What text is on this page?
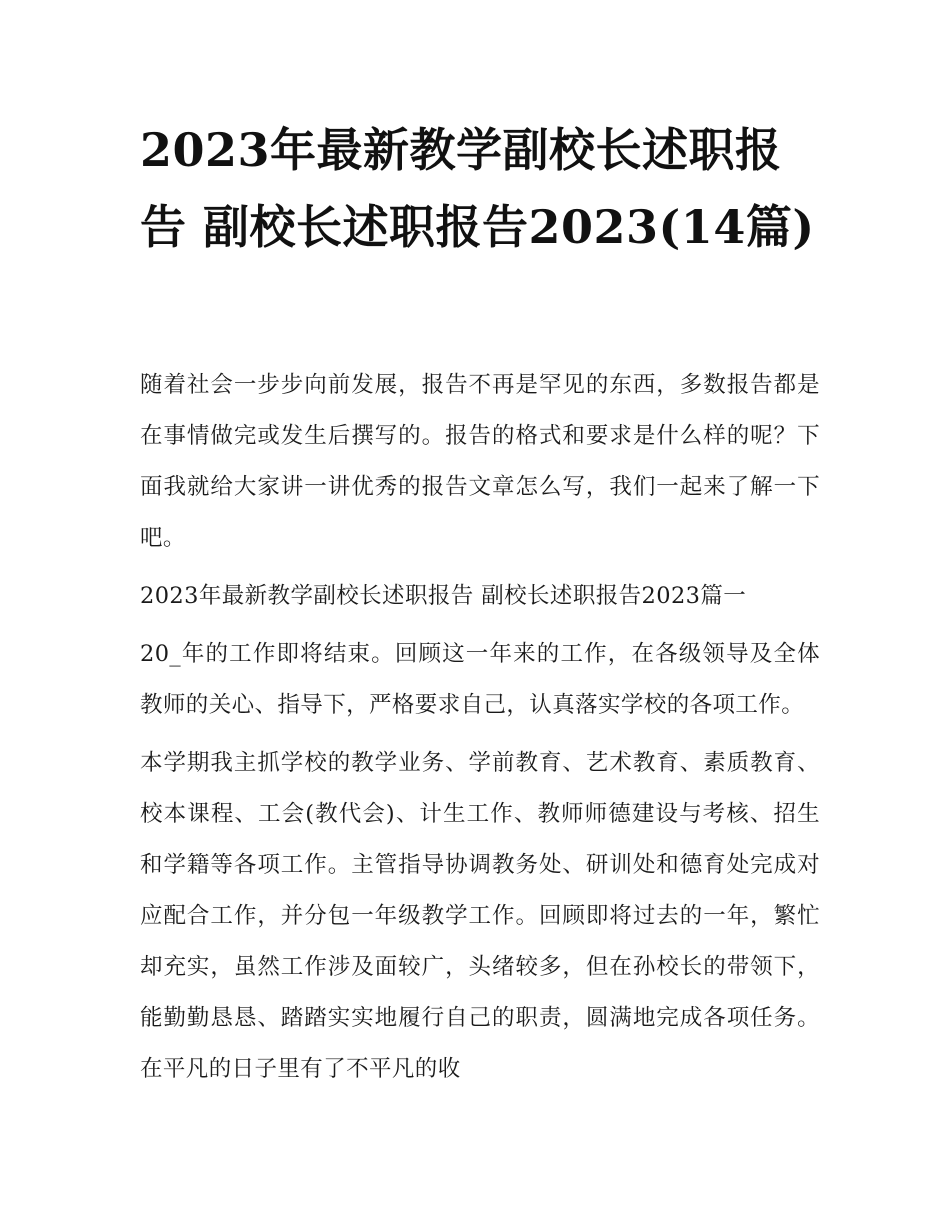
2023年最新教学副校长述职报告 副校长述职报告2023(14篇)

随着社会一步步向前发展，报告不再是罕见的东西，多数报告都是在事情做完或发生后撰写的。报告的格式和要求是什么样的呢？下面我就给大家讲一讲优秀的报告文章怎么写，我们一起来了解一下吧。

2023年最新教学副校长述职报告 副校长述职报告2023篇一

20_年的工作即将结束。回顾这一年来的工作，在各级领导及全体教师的关心、指导下，严格要求自己，认真落实学校的各项工作。

本学期我主抓学校的教学业务、学前教育、艺术教育、素质教育、校本课程、工会(教代会)、计生工作、教师师德建设与考核、招生和学籍等各项工作。主管指导协调教务处、研训处和德育处完成对应配合工作，并分包一年级教学工作。回顾即将过去的一年，繁忙却充实，虽然工作涉及面较广，头绪较多，但在孙校长的带领下，能勤勤恳恳、踏踏实实地履行自己的职责，圆满地完成各项任务。在平凡的日子里有了不平凡的收
